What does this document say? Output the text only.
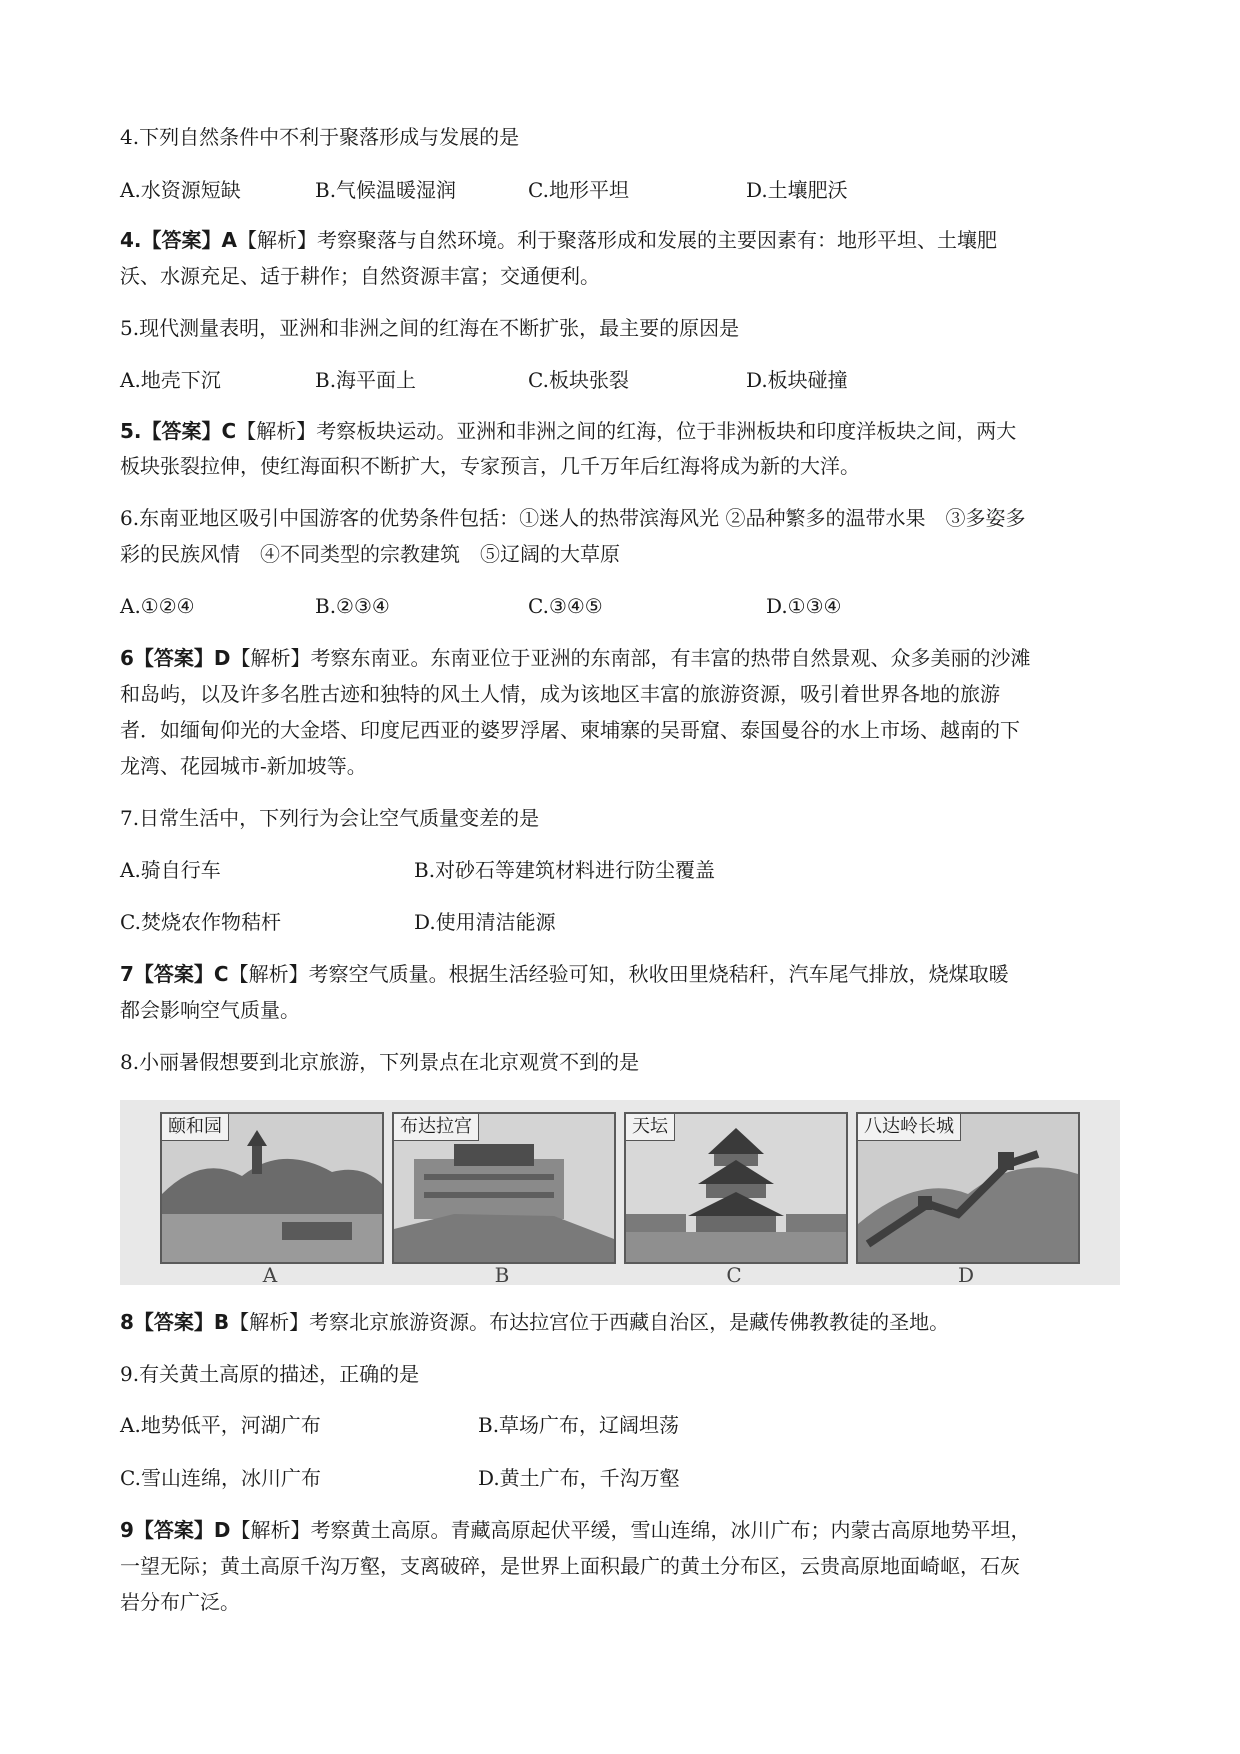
4.下列自然条件中不利于聚落形成与发展的是
A.水资源短缺	B.气候温暖湿润	C.地形平坦	D.土壤肥沃
4.【答案】A【解析】考察聚落与自然环境。利于聚落形成和发展的主要因素有：地形平坦、土壤肥
沃、水源充足、适于耕作；自然资源丰富；交通便利。
5.现代测量表明，亚洲和非洲之间的红海在不断扩张，最主要的原因是
A.地壳下沉	B.海平面上	C.板块张裂	D.板块碰撞
5.【答案】C【解析】考察板块运动。亚洲和非洲之间的红海，位于非洲板块和印度洋板块之间，两大
板块张裂拉伸，使红海面积不断扩大，专家预言，几千万年后红海将成为新的大洋。
6.东南亚地区吸引中国游客的优势条件包括：①迷人的热带滨海风光 ②品种繁多的温带水果　③多姿多
彩的民族风情　④不同类型的宗教建筑　⑤辽阔的大草原
A.①②④	B.②③④	C.③④⑤	D.①③④
6【答案】D【解析】考察东南亚。东南亚位于亚洲的东南部，有丰富的热带自然景观、众多美丽的沙滩
和岛屿，以及许多名胜古迹和独特的风土人情，成为该地区丰富的旅游资源，吸引着世界各地的旅游
者．如缅甸仰光的大金塔、印度尼西亚的婆罗浮屠、柬埔寨的吴哥窟、泰国曼谷的水上市场、越南的下
龙湾、花园城市-新加坡等。
7.日常生活中，下列行为会让空气质量变差的是
A.骑自行车	B.对砂石等建筑材料进行防尘覆盖
C.焚烧农作物秸杆	D.使用清洁能源
7【答案】C【解析】考察空气质量。根据生活经验可知，秋收田里烧秸秆，汽车尾气排放，烧煤取暖
都会影响空气质量。
8.小丽暑假想要到北京旅游，下列景点在北京观赏不到的是
颐和园	布达拉宫	天坛	八达岭长城
A	B	C	D
8【答案】B【解析】考察北京旅游资源。布达拉宫位于西藏自治区，是藏传佛教教徒的圣地。
9.有关黄土高原的描述，正确的是
A.地势低平，河湖广布	B.草场广布，辽阔坦荡
C.雪山连绵，冰川广布	D.黄土广布，千沟万壑
9【答案】D【解析】考察黄土高原。青藏高原起伏平缓，雪山连绵，冰川广布；内蒙古高原地势平坦，
一望无际；黄土高原千沟万壑，支离破碎，是世界上面积最广的黄土分布区，云贵高原地面崎岖，石灰
岩分布广泛。
